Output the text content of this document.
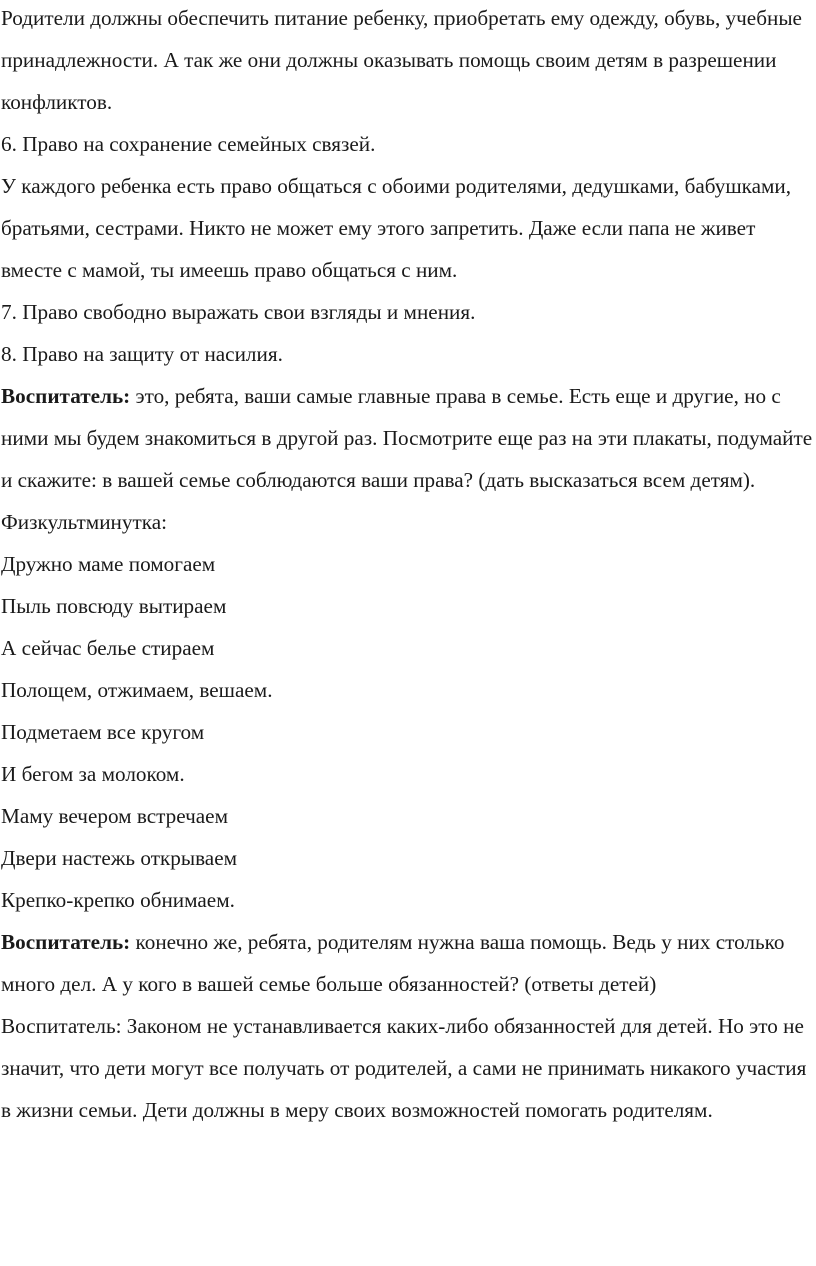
Родители должны обеспечить питание ребенку, приобретать ему одежду, обувь, учебные принадлежности. А так же они должны оказывать помощь своим детям в разрешении конфликтов.

6. Право на сохранение семейных связей.

У каждого ребенка есть право общаться с обоими родителями, дедушками, бабушками, братьями, сестрами. Никто не может ему этого запретить. Даже если папа не живет вместе с мамой, ты имеешь право общаться с ним.

7. Право свободно выражать свои взгляды и мнения.

8. Право на защиту от насилия.

Воспитатель: это, ребята, ваши самые главные права в семье. Есть еще и другие, но с ними мы будем знакомиться в другой раз. Посмотрите еще раз на эти плакаты, подумайте и скажите: в вашей семье соблюдаются ваши права? (дать высказаться всем детям).

Физкультминутка:

Дружно маме помогаем

Пыль повсюду вытираем

А сейчас белье стираем

Полощем, отжимаем, вешаем.

Подметаем все кругом

И бегом за молоком.

Маму вечером встречаем

Двери настежь открываем

Крепко-крепко обнимаем.

Воспитатель: конечно же, ребята, родителям нужна ваша помощь. Ведь у них столько много дел. А у кого в вашей семье больше обязанностей? (ответы детей)

Воспитатель: Законом не устанавливается каких-либо обязанностей для детей. Но это не значит, что дети могут все получать от родителей, а сами не принимать никакого участия в жизни семьи. Дети должны в меру своих возможностей помогать родителям.
